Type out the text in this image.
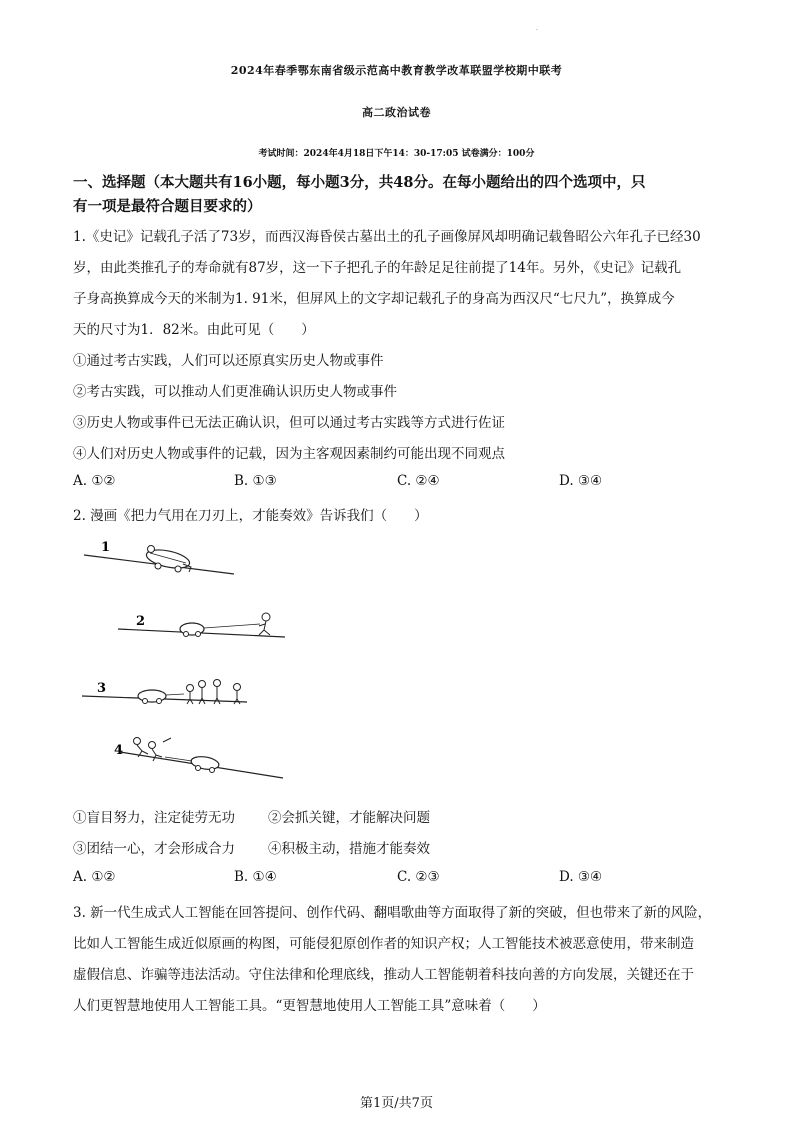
·
2024年春季鄂东南省级示范高中教育教学改革联盟学校期中联考
高二政治试卷
考试时间：2024年4月18日下午14：30-17:05 试卷满分：100分
一、选择题（本大题共有16小题，每小题3分，共48分。在每小题给出的四个选项中，只
有一项是最符合题目要求的）
1.《史记》记载孔子活了73岁，而西汉海昏侯古墓出土的孔子画像屏风却明确记载鲁昭公六年孔子已经30
岁，由此类推孔子的寿命就有87岁，这一下子把孔子的年龄足足往前提了14年。另外，《史记》记载孔
子身高换算成今天的米制为1. 91米，但屏风上的文字却记载孔子的身高为西汉尺“七尺九”，换算成今
天的尺寸为1．82米。由此可见（　　）
①通过考古实践，人们可以还原真实历史人物或事件
②考古实践，可以推动人们更准确认识历史人物或事件
③历史人物或事件已无法正确认识，但可以通过考古实践等方式进行佐证
④人们对历史人物或事件的记载，因为主客观因素制约可能出现不同观点
A. ①②	B. ①③	C. ②④	D. ③④
2. 漫画《把力气用在刀刃上，才能奏效》告诉我们（　　）
1
2
3
4
①盲目努力，注定徒劳无功 ②会抓关键，才能解决问题
③团结一心，才会形成合力 ④积极主动，措施才能奏效
A. ①②	B. ①④	C. ②③	D. ③④
3. 新一代生成式人工智能在回答提问、创作代码、翻唱歌曲等方面取得了新的突破，但也带来了新的风险，
比如人工智能生成近似原画的构图，可能侵犯原创作者的知识产权；人工智能技术被恶意使用，带来制造
虚假信息、诈骗等违法活动。守住法律和伦理底线，推动人工智能朝着科技向善的方向发展，关键还在于
人们更智慧地使用人工智能工具。“更智慧地使用人工智能工具”意味着（　　）
第1页/共7页
